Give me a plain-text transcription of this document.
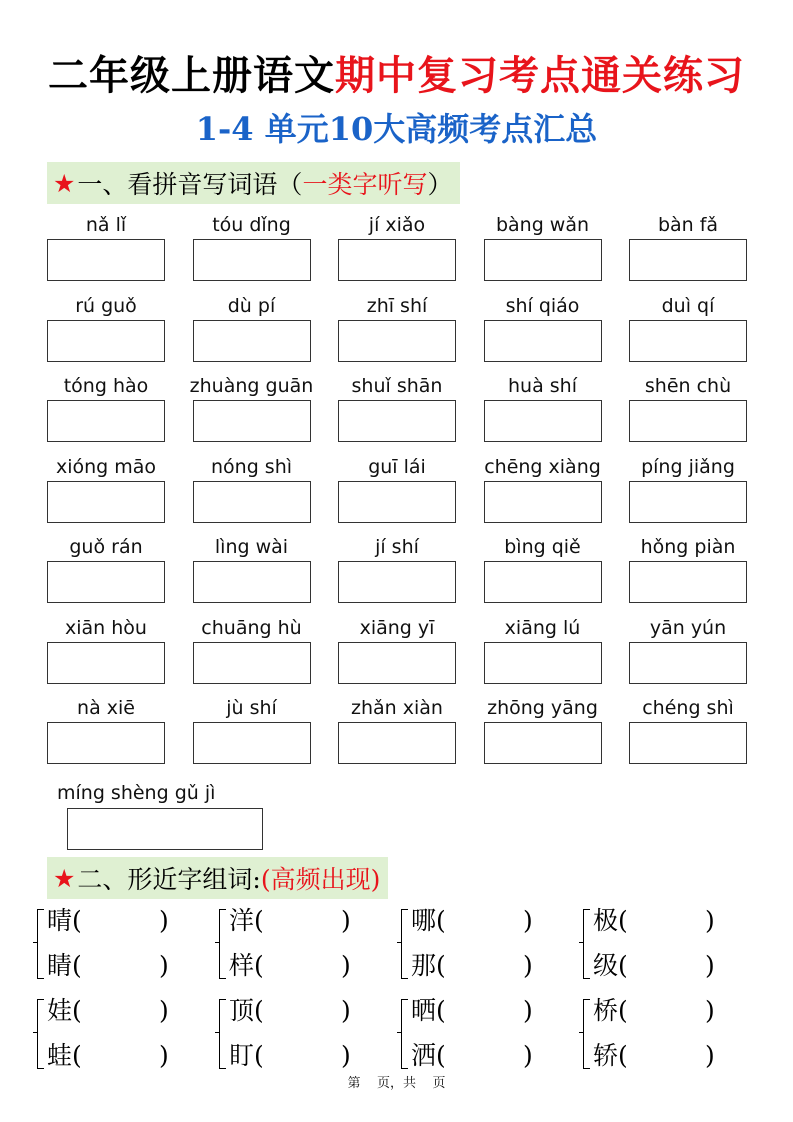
二年级上册语文期中复习考点通关练习
1-4 单元10大高频考点汇总
★ 一、看拼音写词语（ 一类字听写 ）
nǎ lǐ	tóu dǐng	jí xiǎo	bàng wǎn	bàn fǎ
rú guǒ	dù pí	zhī shí	shí qiáo	duì qí
tóng hào	zhuàng guān	shuǐ shān	huà shí	shēn chù
xióng māo	nóng shì	guī lái	chēng xiàng	píng jiǎng
guǒ rán	lìng wài	jí shí	bìng qiě	hǒng piàn
xiān hòu	chuāng hù	xiāng yī	xiāng lú	yān yún
nà xiē	jù shí	zhǎn xiàn	zhōng yāng	chéng shì
míng shèng gǔ jì
★ 二、形近字组词: (高频出现)
晴(	)
睛(	)
洋(	)
样(	)
哪(	)
那(	)
极(	)
级(	)
娃(	)
蛙(	)
顶(	)
盯(	)
晒(	)
洒(	)
桥(	)
轿(	)
第    页，共    页
